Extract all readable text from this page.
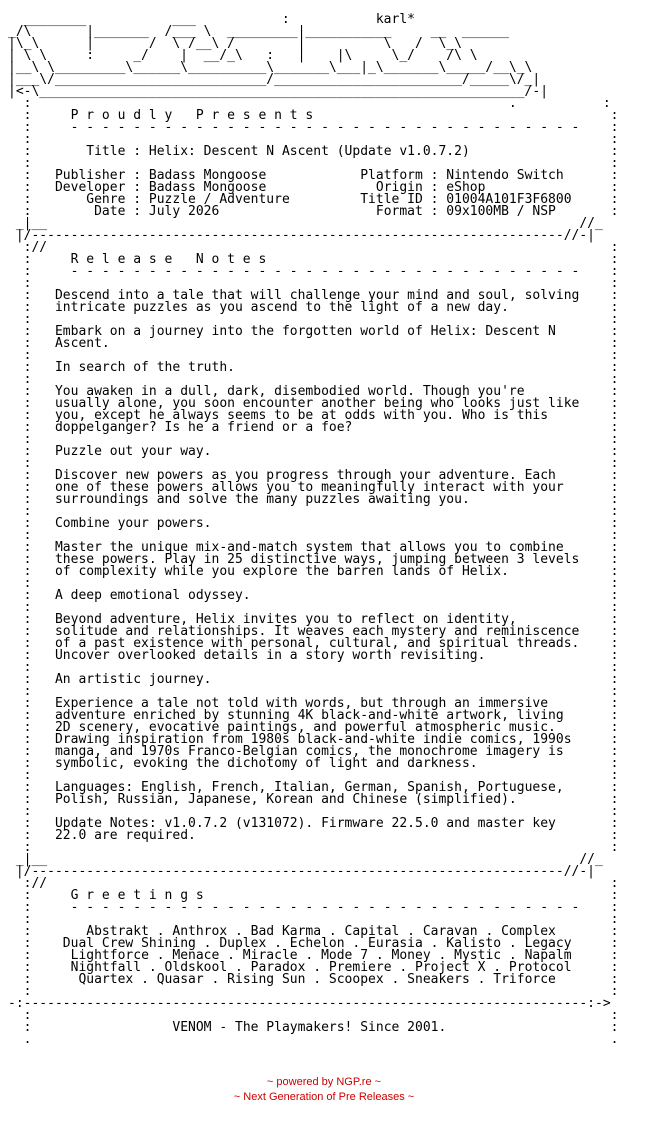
________           ___           :           karl*
_/\       |_______  /___ \  _________|___________     __  ______
|\_\      |       /  \ /__\ /        |          \   /  \_\
| \ \     :     _/    |  __/_\   :   |    |\     \_/    /\ \
|__\ \_________\______\__________\_______\___|_\_______\_____/__\_\
|___\/___________________________/________________________/_____\/_|
|<-\______________________________________________________________/-|
:                                                             .           :
:     P r o u d l y   P r e s e n t s                                      :
:     - - - - - - - - - - - - - - - - - - - - - - - - - - - - - - - - -    :
:                                                                          :
:       Title : Helix: Descent N Ascent (Update v1.0.7.2)                  :
:                                                                          :
:   Publisher : Badass Mongoose            Platform : Nintendo Switch      :
:   Developer : Badass Mongoose              Origin : eShop                :
:       Genre : Puzzle / Adventure         Title ID : 01004A101F3F6800     :
:        Date : July 2026                    Format : 09x100MB / NSP       :
_|__                                                                    //_
|/--------------------------------------------------------------------//-|
://                                                                        :
:     R e l e a s e   N o t e s                                            :
:     - - - - - - - - - - - - - - - - - - - - - - - - - - - - - - - - -    :
:                                                                          :
:   Descend into a tale that will challenge your mind and soul, solving    :
:   intricate puzzles as you ascend to the light of a new day.             :
:                                                                          :
:   Embark on a journey into the forgotten world of Helix: Descent N       :
:   Ascent.                                                                :
:                                                                          :
:   In search of the truth.                                                :
:                                                                          :
:   You awaken in a dull, dark, disembodied world. Though you're           :
:   usually alone, you soon encounter another being who looks just like    :
:   you, except he always seems to be at odds with you. Who is this        :
:   doppelganger? Is he a friend or a foe?                                 :
:                                                                          :
:   Puzzle out your way.                                                   :
:                                                                          :
:   Discover new powers as you progress through your adventure. Each       :
:   one of these powers allows you to meaningfully interact with your      :
:   surroundings and solve the many puzzles awaiting you.                  :
:                                                                          :
:   Combine your powers.                                                   :
:                                                                          :
:   Master the unique mix-and-match system that allows you to combine      :
:   these powers. Play in 25 distinctive ways, jumping between 3 levels    :
:   of complexity while you explore the barren lands of Helix.             :
:                                                                          :
:   A deep emotional odyssey.                                              :
:                                                                          :
:   Beyond adventure, Helix invites you to reflect on identity,            :
:   solitude and relationships. It weaves each mystery and reminiscence    :
:   of a past existence with personal, cultural, and spiritual threads.    :
:   Uncover overlooked details in a story worth revisiting.                :
:                                                                          :
:   An artistic journey.                                                   :
:                                                                          :
:   Experience a tale not told with words, but through an immersive        :
:   adventure enriched by stunning 4K black-and-white artwork, living      :
:   2D scenery, evocative paintings, and powerful atmospheric music.       :
:   Drawing inspiration from 1980s black-and-white indie comics, 1990s     :
:   manga, and 1970s Franco-Belgian comics, the monochrome imagery is      :
:   symbolic, evoking the dichotomy of light and darkness.                 :
:                                                                          :
:   Languages: English, French, Italian, German, Spanish, Portuguese,      :
:   Polish, Russian, Japanese, Korean and Chinese (simplified).            :
:                                                                          :
:   Update Notes: v1.0.7.2 (v131072). Firmware 22.5.0 and master key       :
:   22.0 are required.                                                     :
:                                                                          :
_|__                                                                    //_
|/--------------------------------------------------------------------//-|
://                                                                        :
:     G r e e t i n g s                                                    :
:     - - - - - - - - - - - - - - - - - - - - - - - - - - - - - - - - -    :
:                                                                          :
:       Abstrakt . Anthrox . Bad Karma . Capital . Caravan . Complex       :
:    Dual Crew Shining . Duplex . Echelon . Eurasia . Kalisto . Legacy     :
:     Lightforce . Menace . Miracle . Mode 7 . Money . Mystic . Napalm     :
:     Nightfall . Oldskool . Paradox . Premiere . Project X . Protocol     :
:      Quartex . Quasar . Rising Sun . Scoopex . Sneakers . Triforce       :
:                                                                          :
-:------------------------------------------------------------------------:->
:                                                                          :
:                  VENOM - The Playmakers! Since 2001.                     :
.                                                                          .
~ powered by NGP.re ~
~ Next Generation of Pre Releases ~
